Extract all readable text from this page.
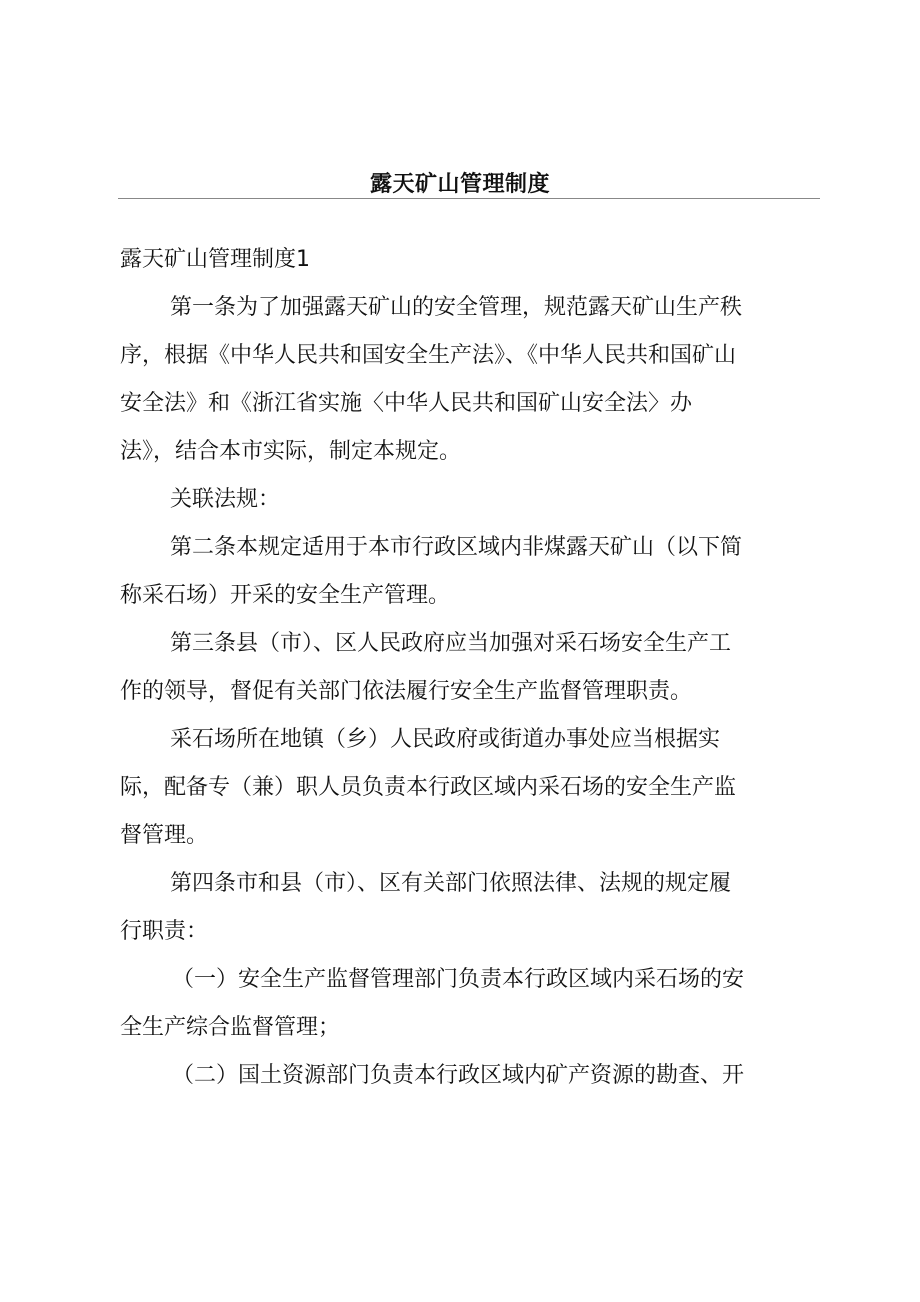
露天矿山管理制度

露天矿山管理制度1

第一条为了加强露天矿山的安全管理，规范露天矿山生产秩

序，根据《中华人民共和国安全生产法》、《中华人民共和国矿山

安全法》和《浙江省实施〈中华人民共和国矿山安全法〉办

法》，结合本市实际，制定本规定。

关联法规：

第二条本规定适用于本市行政区域内非煤露天矿山（以下简

称采石场）开采的安全生产管理。

第三条县（市）、区人民政府应当加强对采石场安全生产工

作的领导，督促有关部门依法履行安全生产监督管理职责。

采石场所在地镇（乡）人民政府或街道办事处应当根据实

际，配备专（兼）职人员负责本行政区域内采石场的安全生产监

督管理。

第四条市和县（市）、区有关部门依照法律、法规的规定履

行职责：

（一）安全生产监督管理部门负责本行政区域内采石场的安

全生产综合监督管理；

（二）国土资源部门负责本行政区域内矿产资源的勘查、开
